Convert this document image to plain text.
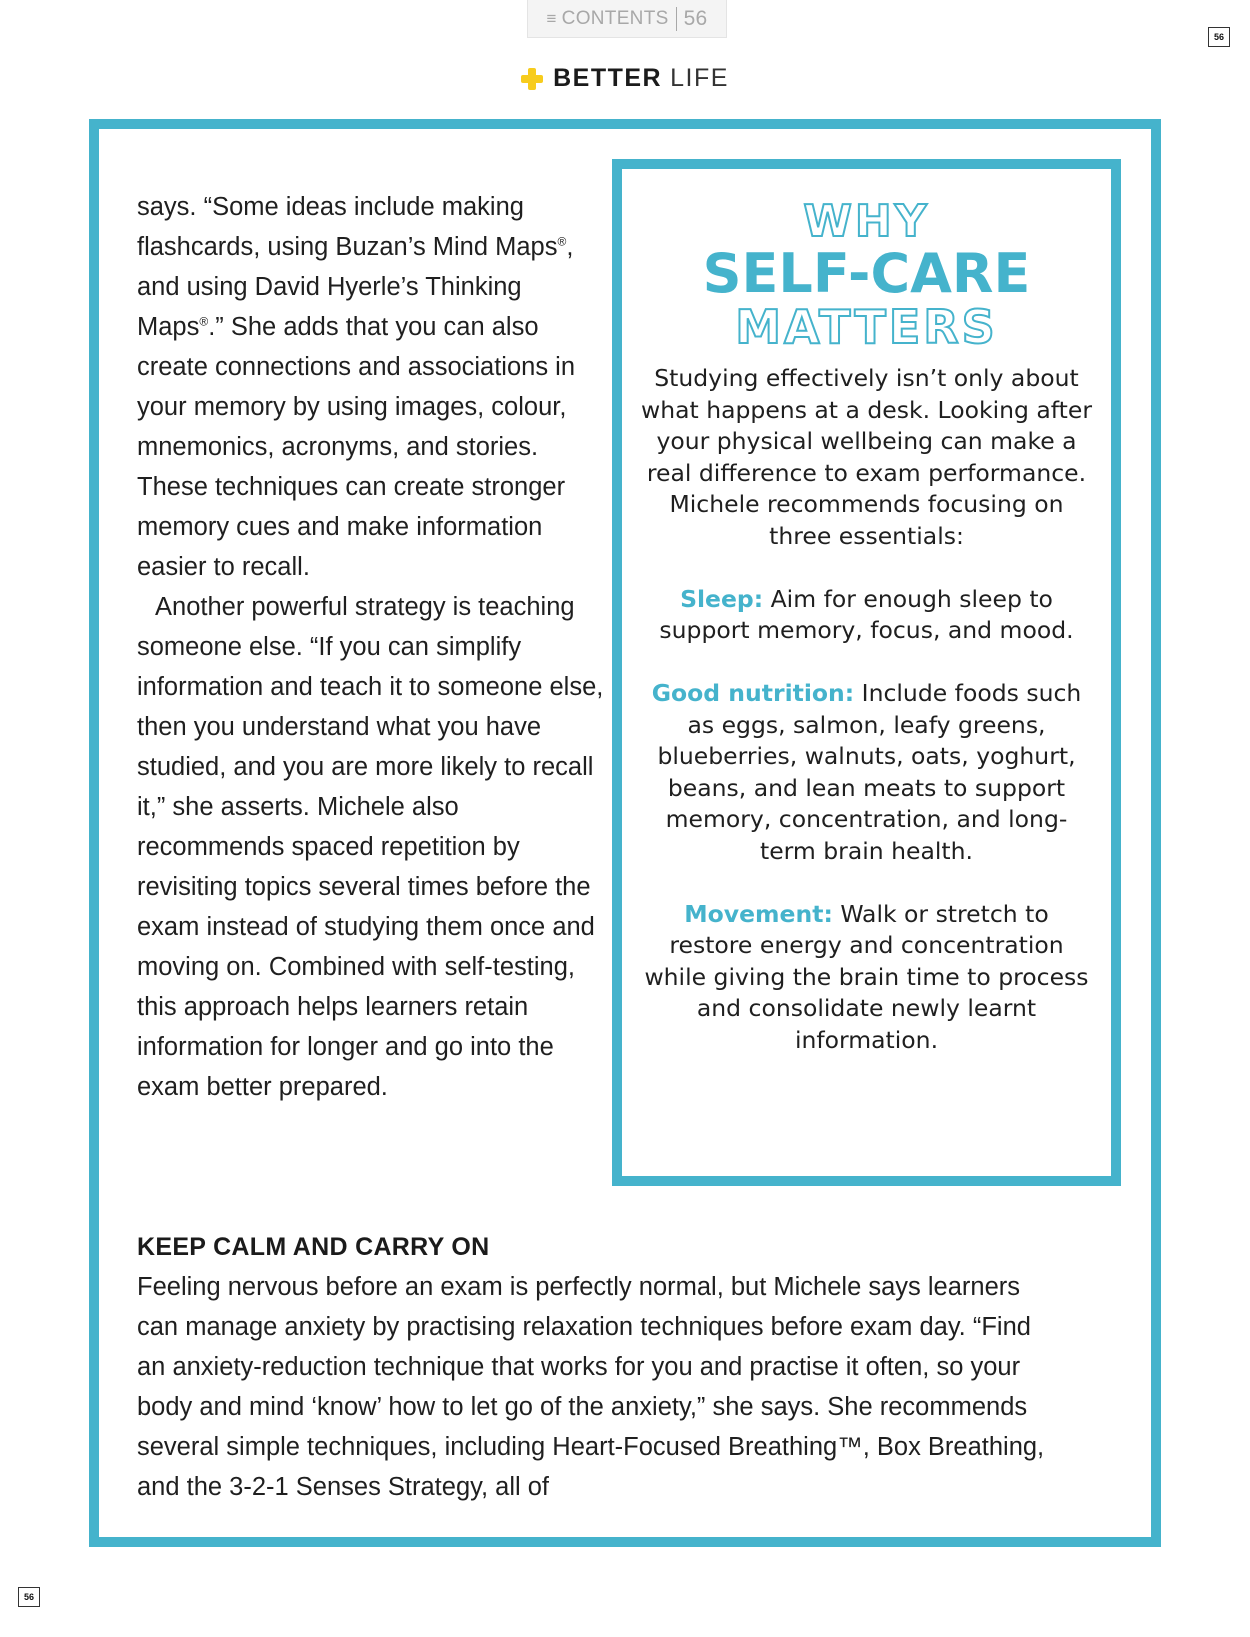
≡ CONTENTS 56
56
56
BETTER LIFE

says. “Some ideas include making flashcards, using Buzan’s Mind Maps®, and using David Hyerle’s Thinking Maps®.” She adds that you can also create connections and associations in your memory by using images, colour, mnemonics, acronyms, and stories. These techniques can create stronger memory cues and make information easier to recall.

Another powerful strategy is teaching someone else. “If you can simplify information and teach it to someone else, then you understand what you have studied, and you are more likely to recall it,” she asserts. Michele also recommends spaced repetition by revisiting topics several times before the exam instead of studying them once and moving on. Combined with self-testing, this approach helps learners retain information for longer and go into the exam better prepared.

WHY
SELF-CARE
MATTERS

Studying effectively isn’t only about what happens at a desk. Looking after your physical wellbeing can make a real difference to exam performance. Michele recommends focusing on three essentials:

Sleep: Aim for enough sleep to support memory, focus, and mood.

Good nutrition: Include foods such as eggs, salmon, leafy greens, blueberries, walnuts, oats, yoghurt, beans, and lean meats to support memory, concentration, and long-term brain health.

Movement: Walk or stretch to restore energy and concentration while giving the brain time to process and consolidate newly learnt information.

KEEP CALM AND CARRY ON
Feeling nervous before an exam is perfectly normal, but Michele says learners can manage anxiety by practising relaxation techniques before exam day. “Find an anxiety-reduction technique that works for you and practise it often, so your body and mind ‘know’ how to let go of the anxiety,” she says. She recommends several simple techniques, including Heart-Focused Breathing™, Box Breathing, and the 3-2-1 Senses Strategy, all of
